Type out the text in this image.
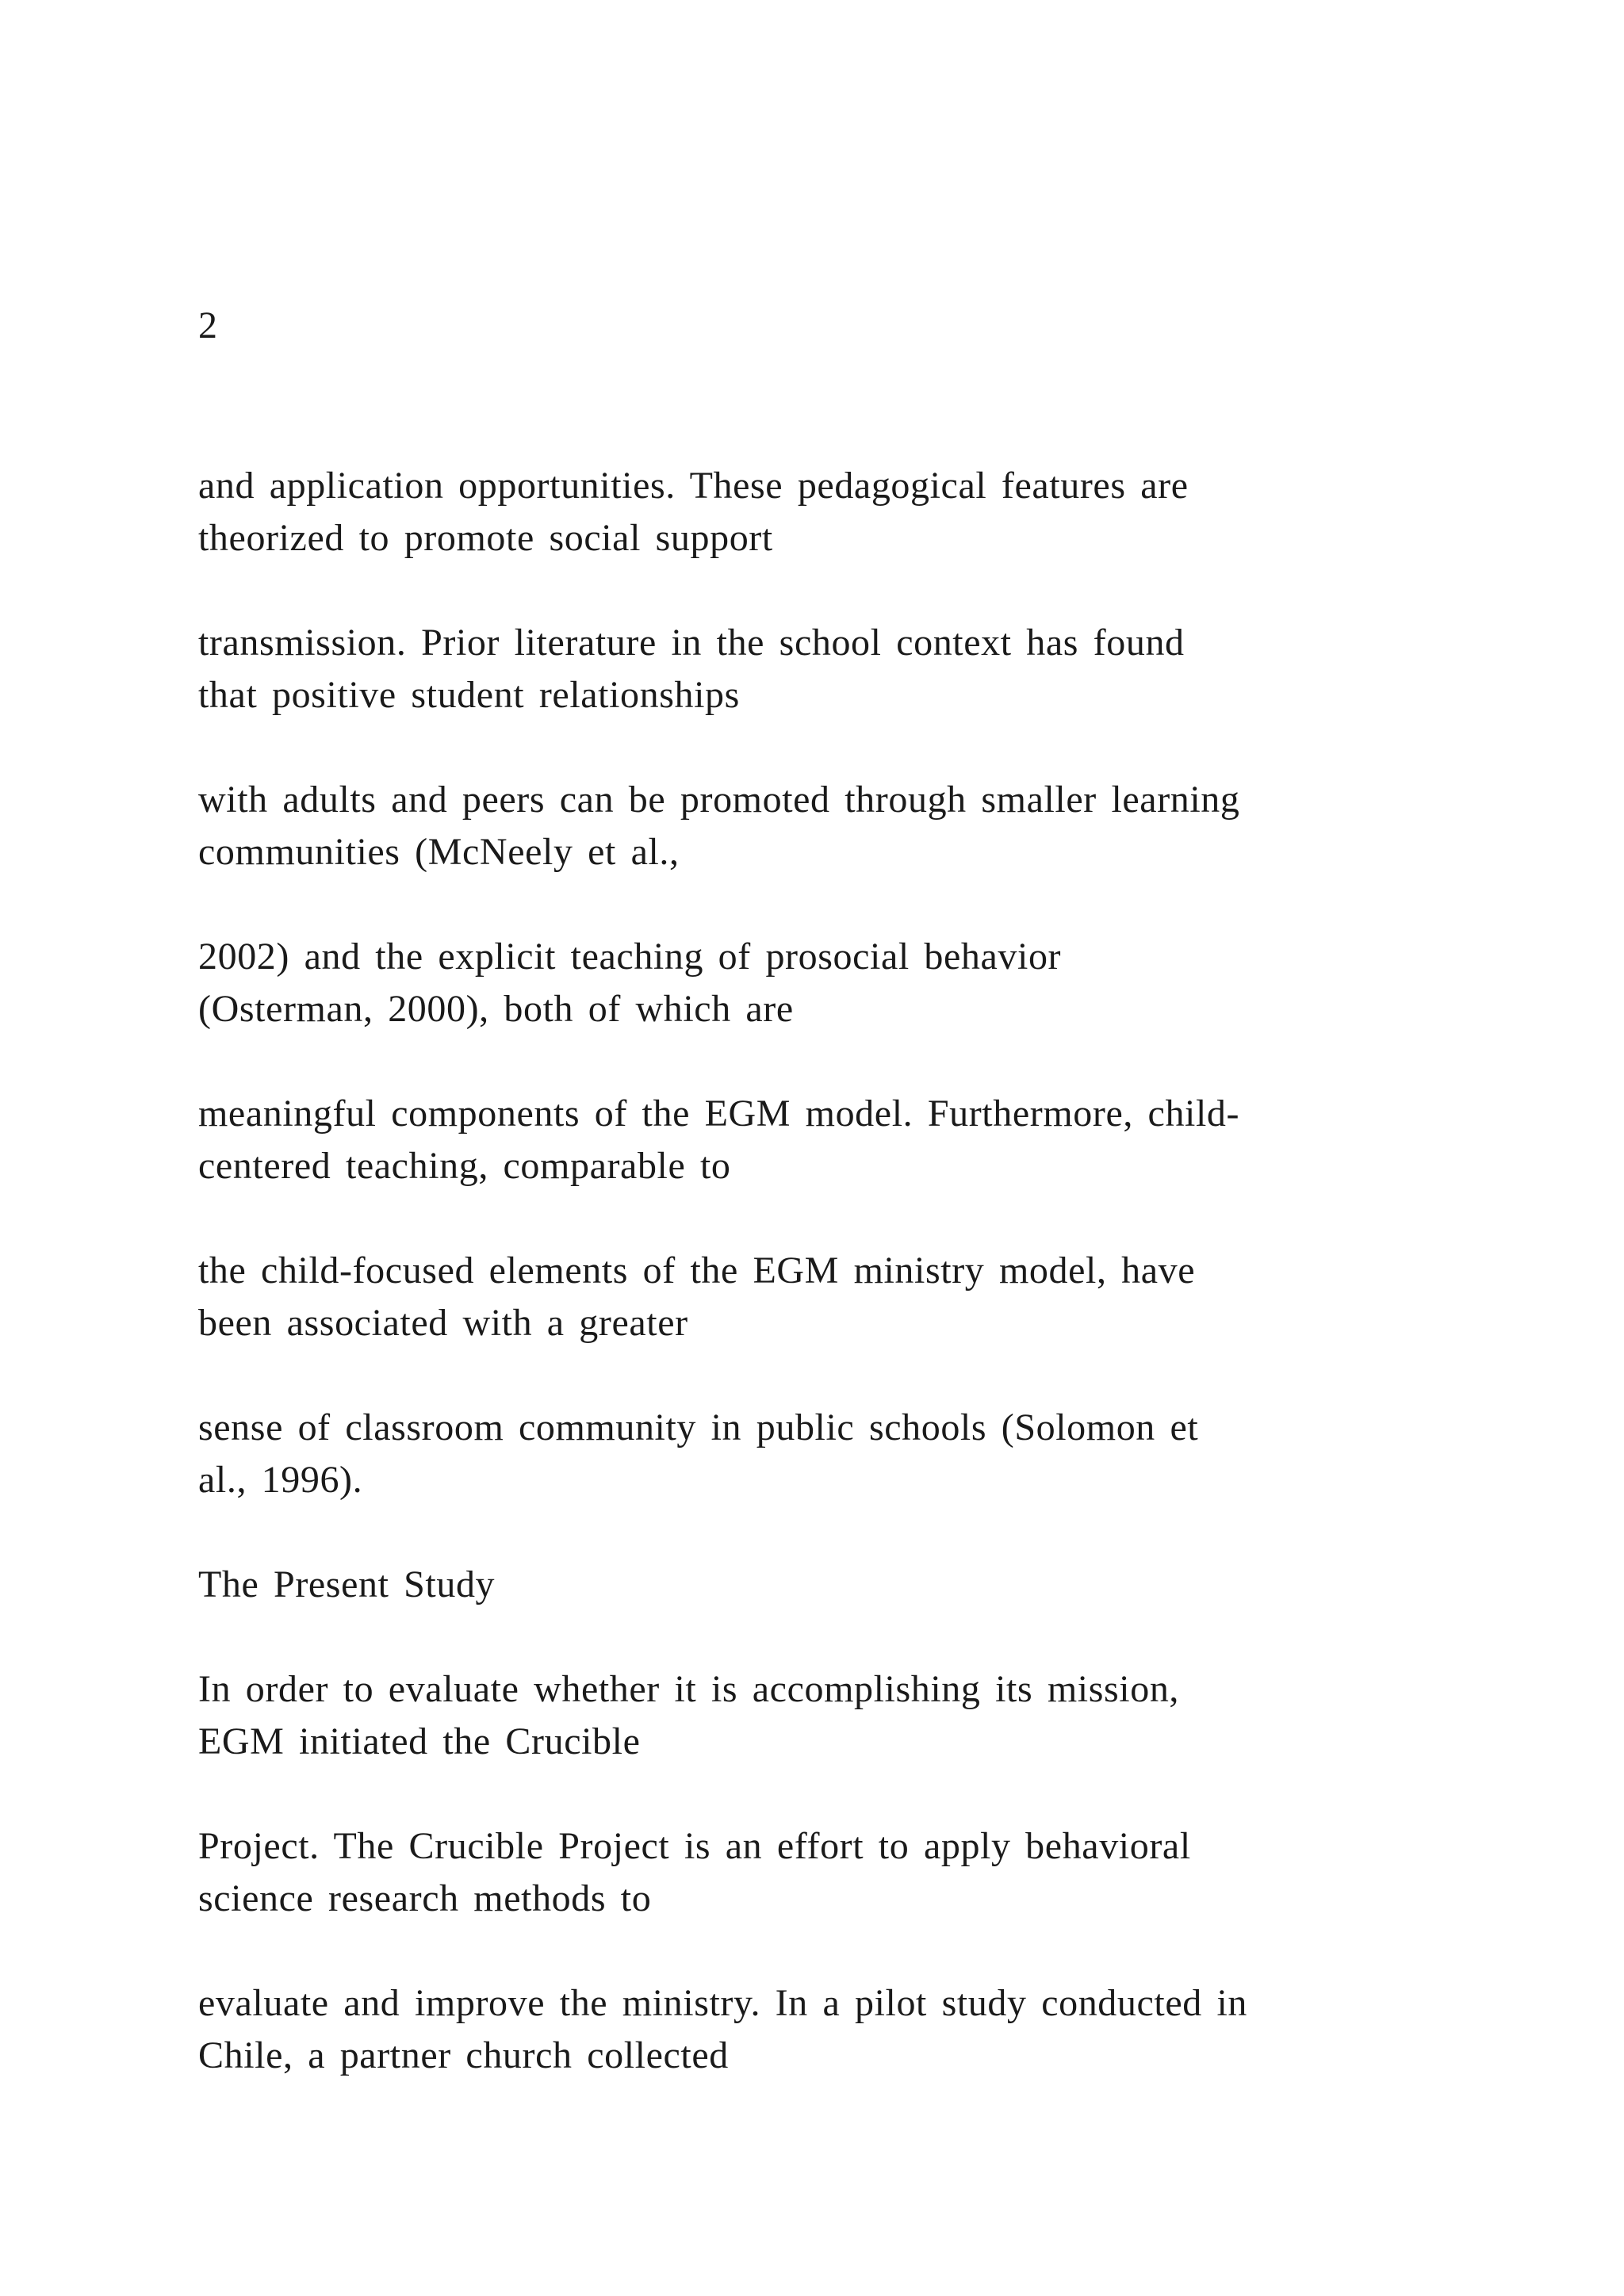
2

and application opportunities. These pedagogical features are

theorized to promote social support

transmission. Prior literature in the school context has found

that positive student relationships

with adults and peers can be promoted through smaller learning

communities (McNeely et al.,

2002) and the explicit teaching of prosocial behavior

(Osterman, 2000), both of which are

meaningful components of the EGM model. Furthermore, child-

centered teaching, comparable to

the child-focused elements of the EGM ministry model, have

been associated with a greater

sense of classroom community in public schools (Solomon et

al., 1996).

The Present Study

In order to evaluate whether it is accomplishing its mission,

EGM initiated the Crucible

Project. The Crucible Project is an effort to apply behavioral

science research methods to

evaluate and improve the ministry. In a pilot study conducted in

Chile, a partner church collected
